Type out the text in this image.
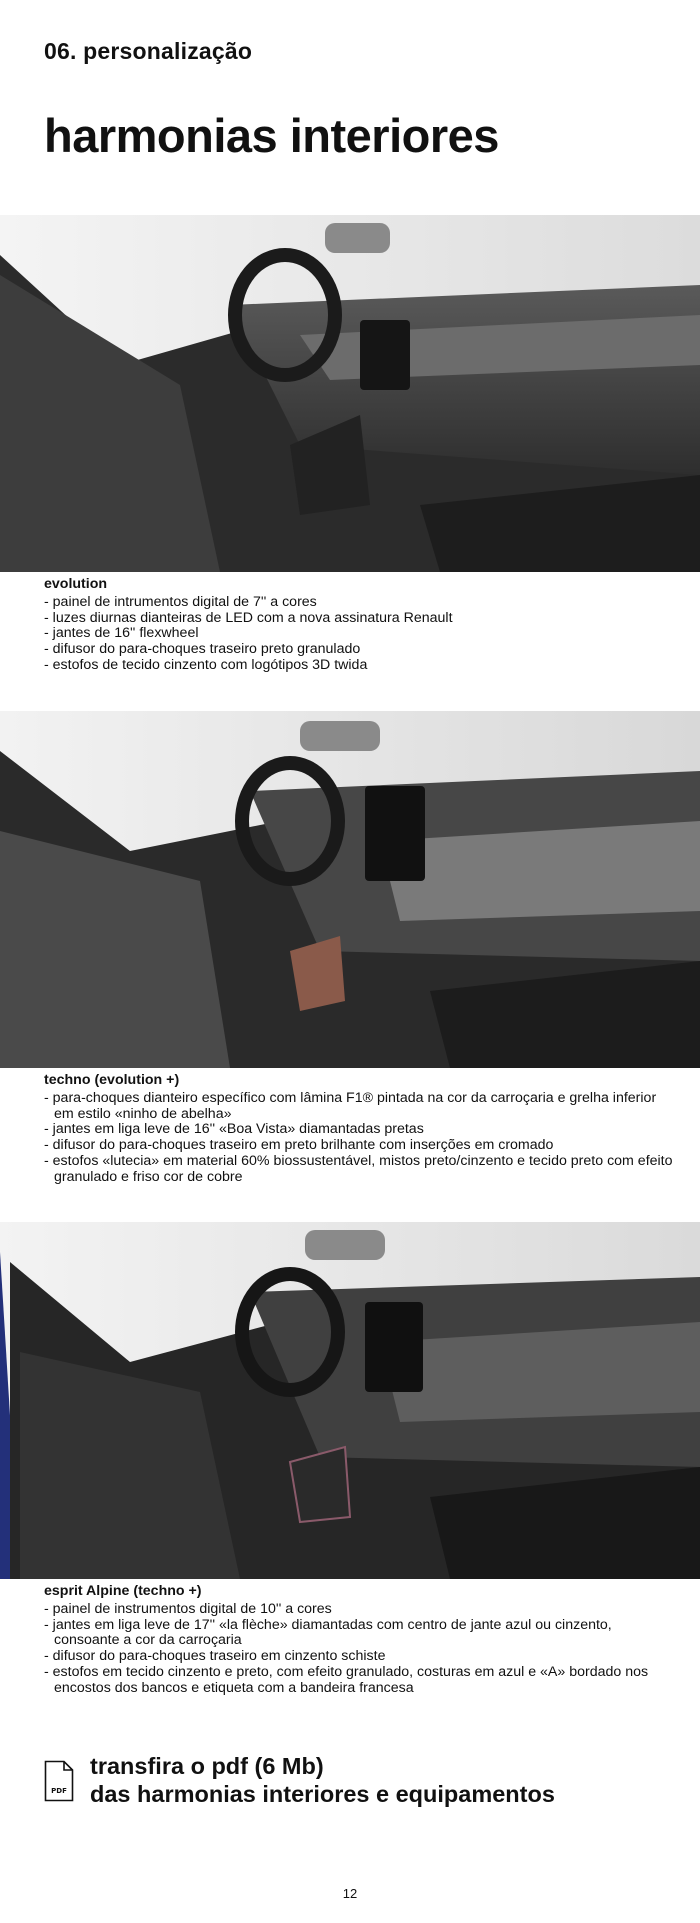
06. personalização
harmonias interiores

evolution

- painel de intrumentos digital de 7'' a cores
- luzes diurnas dianteiras de LED com a nova assinatura Renault
- jantes de 16'' flexwheel
- difusor do para-choques traseiro preto granulado
- estofos de tecido cinzento com logótipos 3D twida

techno (evolution +)

- para-choques dianteiro específico com lâmina F1® pintada na cor da carroçaria e grelha inferior em estilo «ninho de abelha»
- jantes em liga leve de 16'' «Boa Vista» diamantadas pretas
- difusor do para-choques traseiro em preto brilhante com inserções em cromado
- estofos «lutecia» em material 60% biossustentável, mistos preto/cinzento e tecido preto com efeito granulado e friso cor de cobre

esprit Alpine (techno +)

- painel de instrumentos digital de 10'' a cores
- jantes em liga leve de 17'' «la flèche» diamantadas com centro de jante azul ou cinzento, consoante a cor da carroçaria
- difusor do para-choques traseiro em cinzento schiste
- estofos em tecido cinzento e preto, com efeito granulado, costuras em azul e «A» bordado nos encostos dos bancos e etiqueta com a bandeira francesa
PDF
transfira o pdf (6 Mb)
das harmonias interiores e equipamentos
12
